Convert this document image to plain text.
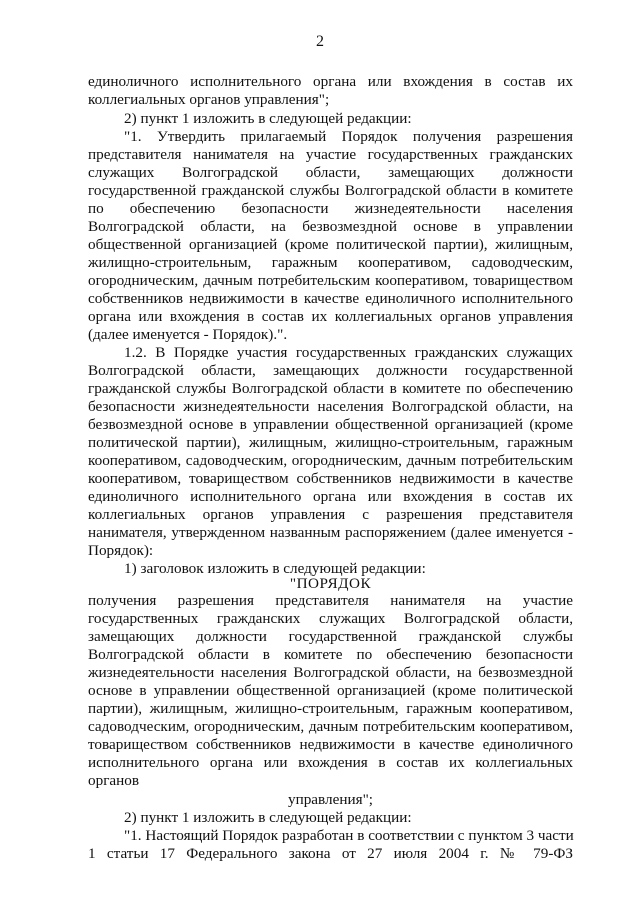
2
единоличного исполнительного органа или вхождения в состав их
коллегиальных органов управления";
2) пункт 1 изложить в следующей редакции:
"1. Утвердить прилагаемый Порядок получения разрешения
представителя нанимателя на участие государственных гражданских
служащих Волгоградской области, замещающих должности
государственной гражданской службы Волгоградской области в комитете
по обеспечению безопасности жизнедеятельности населения
Волгоградской области, на безвозмездной основе в управлении
общественной организацией (кроме политической партии), жилищным,
жилищно-строительным, гаражным кооперативом, садоводческим,
огородническим, дачным потребительским кооперативом, товариществом
собственников недвижимости в качестве единоличного исполнительного
органа или вхождения в состав их коллегиальных органов управления
(далее именуется - Порядок).".
1.2. В Порядке участия государственных гражданских служащих
Волгоградской области, замещающих должности государственной
гражданской службы Волгоградской области в комитете по обеспечению
безопасности жизнедеятельности населения Волгоградской области, на
безвозмездной основе в управлении общественной организацией (кроме
политической партии), жилищным, жилищно-строительным, гаражным
кооперативом, садоводческим, огородническим, дачным потребительским
кооперативом, товариществом собственников недвижимости в качестве
единоличного исполнительного органа или вхождения в состав их
коллегиальных органов управления с разрешения представителя
нанимателя, утвержденном названным распоряжением (далее именуется -
Порядок):
1) заголовок изложить в следующей редакции:
"ПОРЯДОК
получения разрешения представителя нанимателя на участие
государственных гражданских служащих Волгоградской области,
замещающих должности государственной гражданской службы
Волгоградской области в комитете по обеспечению безопасности
жизнедеятельности населения Волгоградской области, на безвозмездной
основе в управлении общественной организацией (кроме политической
партии), жилищным, жилищно-строительным, гаражным кооперативом,
садоводческим, огородническим, дачным потребительским кооперативом,
товариществом собственников недвижимости в качестве единоличного
исполнительного органа или вхождения в состав их коллегиальных
органов
управления";
2) пункт 1 изложить в следующей редакции:
"1. Настоящий Порядок разработан в соответствии с пунктом 3 части
1 статьи 17 Федерального закона от 27 июля 2004 г. № 79-ФЗ
